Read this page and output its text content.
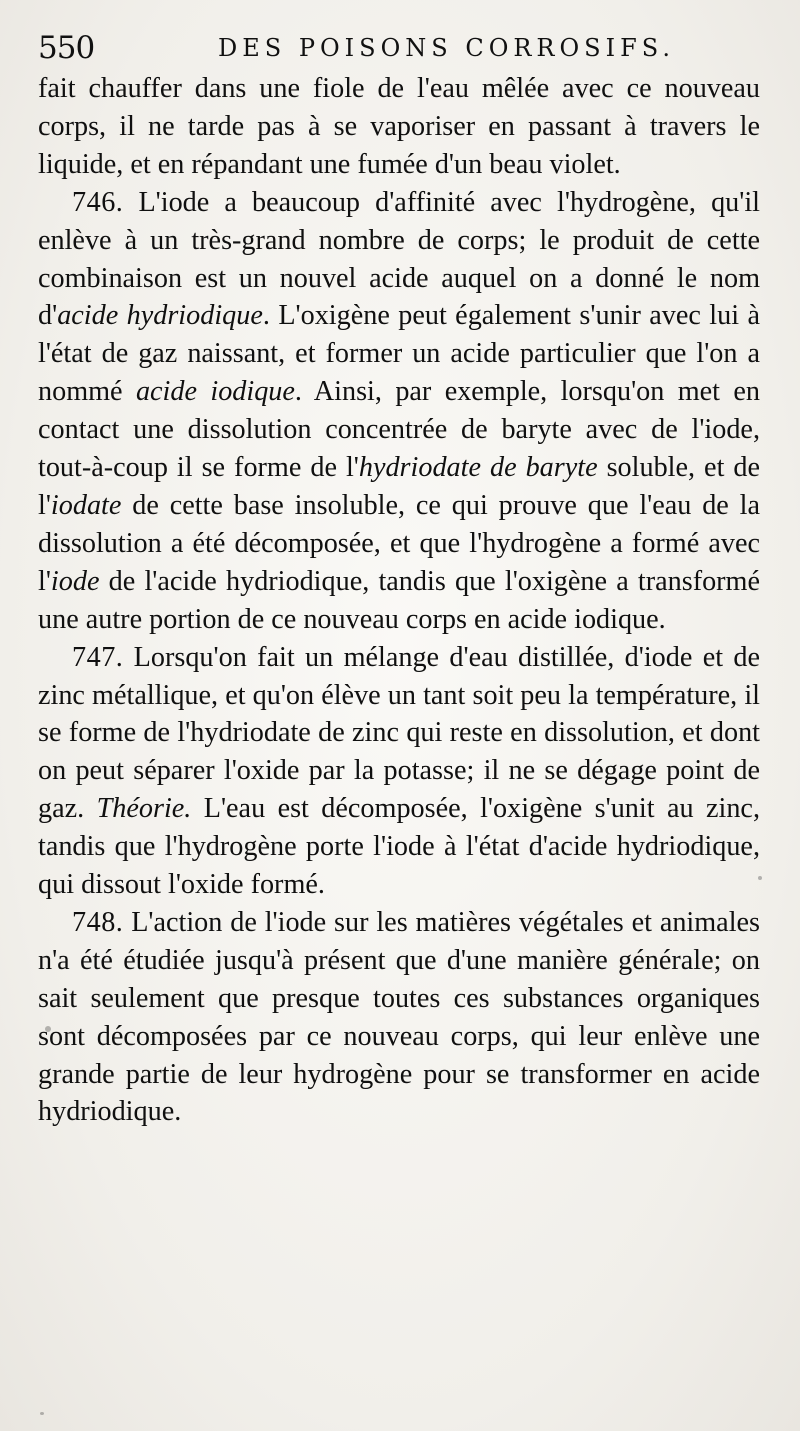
550	DES POISONS CORROSIFS.

fait chauffer dans une fiole de l'eau mêlée avec ce nouveau corps, il ne tarde pas à se vaporiser en passant à travers le liquide, et en répandant une fumée d'un beau violet.

746. L'iode a beaucoup d'affinité avec l'hydrogène, qu'il enlève à un très-grand nombre de corps; le produit de cette combinaison est un nouvel acide auquel on a donné le nom d'acide hydriodique. L'oxigène peut également s'unir avec lui à l'état de gaz naissant, et former un acide particulier que l'on a nommé acide iodique. Ainsi, par exemple, lorsqu'on met en contact une dissolution concentrée de baryte avec de l'iode, tout-à-coup il se forme de l'hydriodate de baryte soluble, et de l'iodate de cette base insoluble, ce qui prouve que l'eau de la dissolution a été décomposée, et que l'hydrogène a formé avec l'iode de l'acide hydriodique, tandis que l'oxigène a transformé une autre portion de ce nouveau corps en acide iodique.

747. Lorsqu'on fait un mélange d'eau distillée, d'iode et de zinc métallique, et qu'on élève un tant soit peu la température, il se forme de l'hydriodate de zinc qui reste en dissolution, et dont on peut séparer l'oxide par la potasse; il ne se dégage point de gaz. Théorie. L'eau est décomposée, l'oxigène s'unit au zinc, tandis que l'hydrogène porte l'iode à l'état d'acide hydriodique, qui dissout l'oxide formé.

748. L'action de l'iode sur les matières végétales et animales n'a été étudiée jusqu'à présent que d'une manière générale; on sait seulement que presque toutes ces substances organiques sont décomposées par ce nouveau corps, qui leur enlève une grande partie de leur hydrogène pour se transformer en acide hydriodique.
